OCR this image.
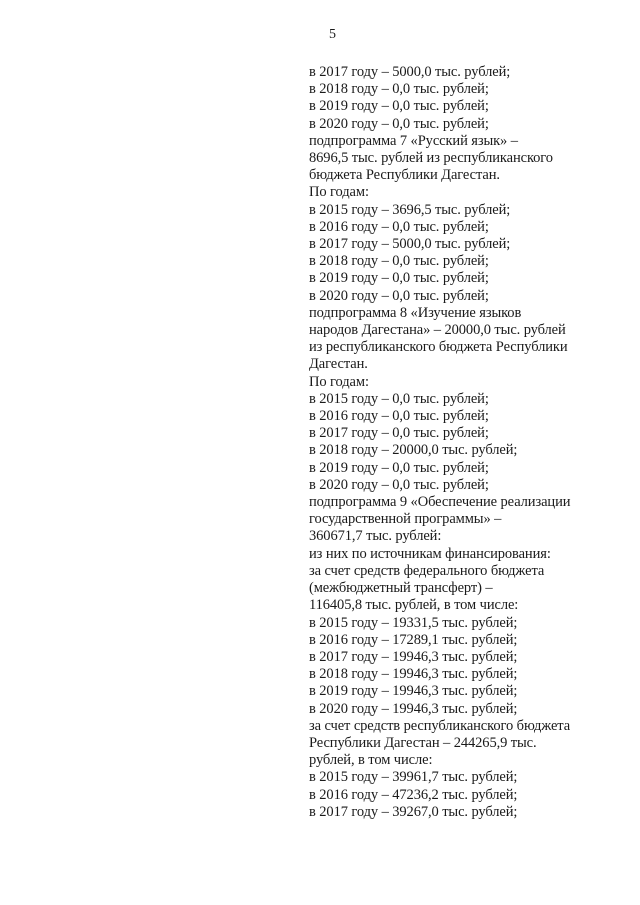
5
в 2017 году – 5000,0 тыс. рублей;
в 2018 году – 0,0 тыс. рублей;
в 2019 году – 0,0 тыс. рублей;
в 2020 году – 0,0 тыс. рублей;
подпрограмма 7 «Русский язык» –
8696,5 тыс. рублей из республиканского
бюджета Республики Дагестан.
По годам:
в 2015 году – 3696,5 тыс. рублей;
в 2016 году – 0,0 тыс. рублей;
в 2017 году – 5000,0 тыс. рублей;
в 2018 году – 0,0 тыс. рублей;
в 2019 году – 0,0 тыс. рублей;
в 2020 году – 0,0 тыс. рублей;
подпрограмма 8 «Изучение языков
народов Дагестана» – 20000,0 тыс. рублей
из республиканского бюджета Республики
Дагестан.
По годам:
в 2015 году – 0,0 тыс. рублей;
в 2016 году – 0,0 тыс. рублей;
в 2017 году – 0,0 тыс. рублей;
в 2018 году – 20000,0 тыс. рублей;
в 2019 году – 0,0 тыс. рублей;
в 2020 году – 0,0 тыс. рублей;
подпрограмма 9 «Обеспечение реализации
государственной программы» –
360671,7 тыс. рублей:
из них по источникам финансирования:
за счет средств федерального бюджета
(межбюджетный трансферт) –
116405,8 тыс. рублей, в том числе:
в 2015 году – 19331,5 тыс. рублей;
в 2016 году – 17289,1 тыс. рублей;
в 2017 году – 19946,3 тыс. рублей;
в 2018 году – 19946,3 тыс. рублей;
в 2019 году – 19946,3 тыс. рублей;
в 2020 году – 19946,3 тыс. рублей;
за счет средств республиканского бюджета
Республики Дагестан – 244265,9 тыс.
рублей, в том числе:
в 2015 году – 39961,7 тыс. рублей;
в 2016 году – 47236,2 тыс. рублей;
в 2017 году – 39267,0 тыс. рублей;
